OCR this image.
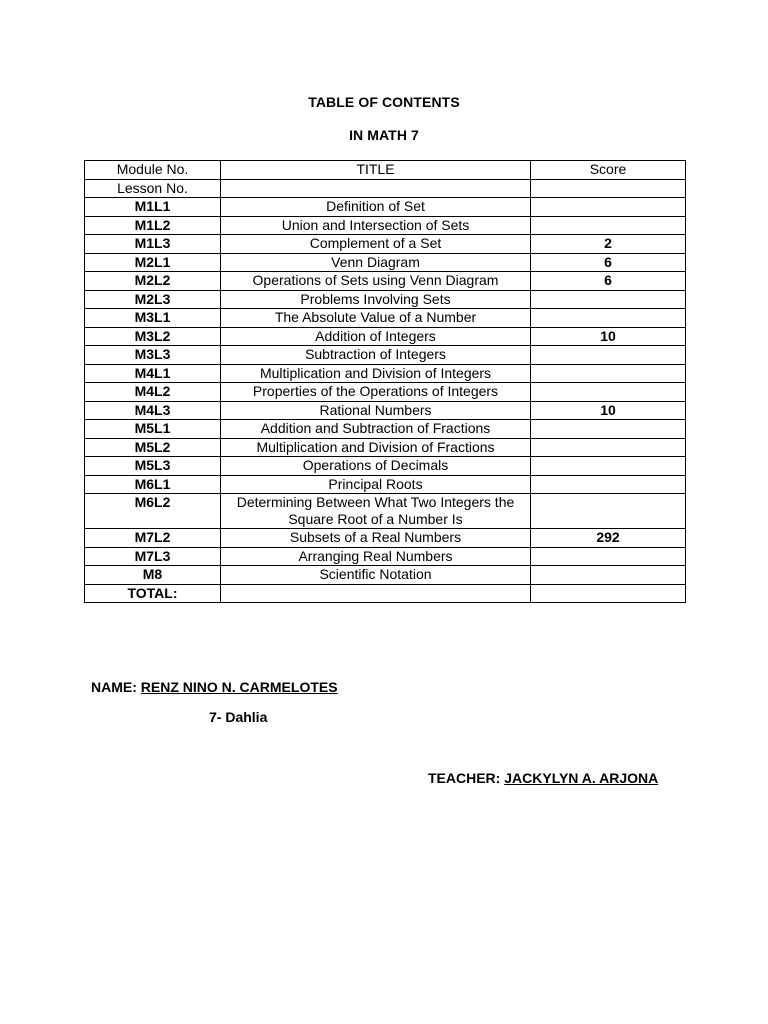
TABLE OF CONTENTS
IN MATH 7
Module No.	TITLE	Score
Lesson No.		
M1L1	Definition of Set	
M1L2	Union and Intersection of Sets	
M1L3	Complement of a Set	2
M2L1	Venn Diagram	6
M2L2	Operations of Sets using Venn Diagram	6
M2L3	Problems Involving Sets	
M3L1	The Absolute Value of a Number	
M3L2	Addition of Integers	10
M3L3	Subtraction of Integers	
M4L1	Multiplication and Division of Integers	
M4L2	Properties of the Operations of Integers	
M4L3	Rational Numbers	10
M5L1	Addition and Subtraction of Fractions	
M5L2	Multiplication and Division of Fractions	
M5L3	Operations of Decimals	
M6L1	Principal Roots	
M6L2	Determining Between What Two Integers the Square Root of a Number Is	
M7L2	Subsets of a Real Numbers	292
M7L3	Arranging Real Numbers	
M8	Scientific Notation	
TOTAL:		
NAME: RENZ NINO N. CARMELOTES
7- Dahlia
TEACHER: JACKYLYN A. ARJONA
